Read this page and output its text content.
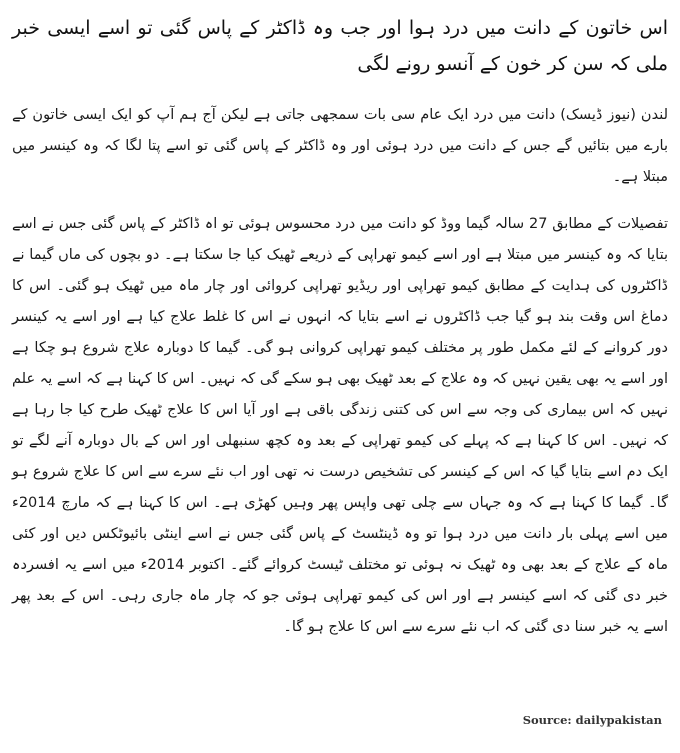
اس خاتون کے دانت میں درد ہوا اور جب وہ ڈاکٹر کے پاس گئی تو اسے ایسی خبر ملی کہ سن کر خون کے آنسو رونے لگی

لندن (نیوز ڈیسک) دانت میں درد ایک عام سی بات سمجھی جاتی ہے لیکن آج ہم آپ کو ایک ایسی خاتون کے بارے میں بتائیں گے جس کے دانت میں درد ہوئی اور وہ ڈاکٹر کے پاس گئی تو اسے پتا لگا کہ وہ کینسر میں مبتلا ہے۔

تفصیلات کے مطابق 27 سالہ گیما ووڈ کو دانت میں درد محسوس ہوئی تو اہ ڈاکٹر کے پاس گئی جس نے اسے بتایا کہ وہ کینسر میں مبتلا ہے اور اسے کیمو تھراپی کے ذریعے ٹھیک کیا جا سکتا ہے۔ دو بچوں کی ماں گیما نے ڈاکٹروں کی ہدایت کے مطابق کیمو تھراپی اور ریڈیو تھراپی کروائی اور چار ماہ میں ٹھیک ہو گئی۔ اس کا دماغ اس وقت بند ہو گیا جب ڈاکٹروں نے اسے بتایا کہ انہوں نے اس کا غلط علاج کیا ہے اور اسے یہ کینسر دور کروانے کے لئے مکمل طور پر مختلف کیمو تھراپی کروانی ہو گی۔ گیما کا دوبارہ علاج شروع ہو چکا ہے اور اسے یہ بھی یقین نہیں کہ وہ علاج کے بعد ٹھیک بھی ہو سکے گی کہ نہیں۔ اس کا کہنا ہے کہ اسے یہ علم نہیں کہ اس بیماری کی وجہ سے اس کی کتنی زندگی باقی ہے اور آیا اس کا علاج ٹھیک طرح کیا جا رہا ہے کہ نہیں۔ اس کا کہنا ہے کہ پہلے کی کیمو تھراپی کے بعد وہ کچھ سنبھلی اور اس کے بال دوبارہ آنے لگے تو ایک دم اسے بتایا گیا کہ اس کے کینسر کی تشخیص درست نہ تھی اور اب نئے سرے سے اس کا علاج شروع ہو گا۔ گیما کا کہنا ہے کہ وہ جہاں سے چلی تھی واپس پھر وہیں کھڑی ہے۔ اس کا کہنا ہے کہ مارچ 2014ء میں اسے پہلی بار دانت میں درد ہوا تو وہ ڈینٹسٹ کے پاس گئی جس نے اسے اینٹی بائیوٹکس دیں اور کئی ماہ کے علاج کے بعد بھی وہ ٹھیک نہ ہوئی تو مختلف ٹیسٹ کروائے گئے۔ اکتوبر 2014ء میں اسے یہ افسردہ خبر دی گئی کہ اسے کینسر ہے اور اس کی کیمو تھراپی ہوئی جو کہ چار ماہ جاری رہی۔ اس کے بعد پھر اسے یہ خبر سنا دی گئی کہ اب نئے سرے سے اس کا علاج ہو گا۔

Source: dailypakistan
